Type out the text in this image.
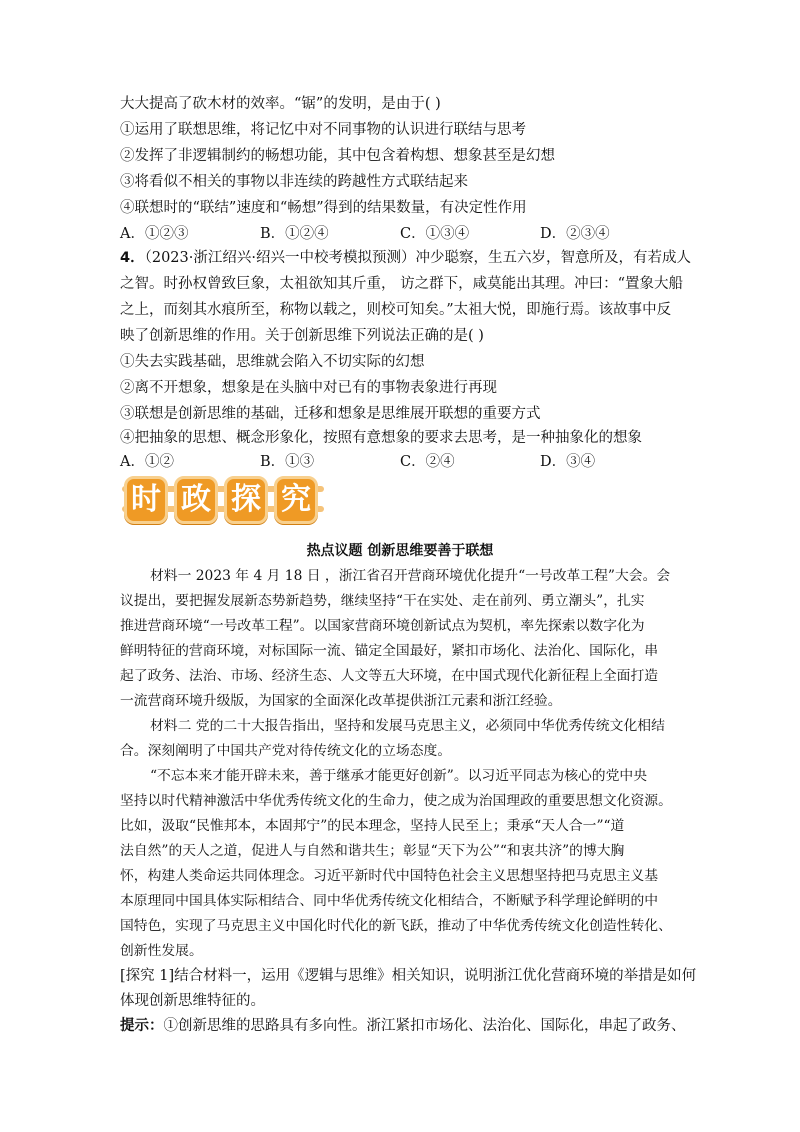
大大提高了砍木材的效率。“锯”的发明，是由于( )
①运用了联想思维，将记忆中对不同事物的认识进行联结与思考
②发挥了非逻辑制约的畅想功能，其中包含着构想、想象甚至是幻想
③将看似不相关的事物以非连续的跨越性方式联结起来
④联想时的“联结”速度和“畅想”得到的结果数量，有决定性作用
A．①②③	B．①②④	C．①③④	D．②③④
4．（2023·浙江绍兴·绍兴一中校考模拟预测）冲少聪察，生五六岁，智意所及，有若成人
之智。时孙权曾致巨象，太祖欲知其斤重， 访之群下，咸莫能出其理。冲曰：“置象大船
之上，而刻其水痕所至，称物以载之，则校可知矣。”太祖大悦，即施行焉。该故事中反
映了创新思维的作用。关于创新思维下列说法正确的是( )
①失去实践基础，思维就会陷入不切实际的幻想
②离不开想象，想象是在头脑中对已有的事物表象进行再现
③联想是创新思维的基础，迁移和想象是思维展开联想的重要方式
④把抽象的思想、概念形象化，按照有意想象的要求去思考，是一种抽象化的想象
A．①②	B．①③	C．②④	D．③④
时 政 探 究
热点议题 创新思维要善于联想
材料一 2023 年 4 月 18 日 ，浙江省召开营商环境优化提升“一号改革工程”大会。会
议提出，要把握发展新态势新趋势，继续坚持“干在实处、走在前列、勇立潮头”，扎实
推进营商环境“一号改革工程”。以国家营商环境创新试点为契机，率先探索以数字化为
鲜明特征的营商环境，对标国际一流、锚定全国最好，紧扣市场化、法治化、国际化，串
起了政务、法治、市场、经济生态、人文等五大环境，在中国式现代化新征程上全面打造
一流营商环境升级版，为国家的全面深化改革提供浙江元素和浙江经验。
材料二 党的二十大报告指出，坚持和发展马克思主义，必须同中华优秀传统文化相结
合。深刻阐明了中国共产党对待传统文化的立场态度。
“不忘本来才能开辟未来，善于继承才能更好创新”。以习近平同志为核心的党中央
坚持以时代精神激活中华优秀传统文化的生命力，使之成为治国理政的重要思想文化资源。
比如，汲取“民惟邦本，本固邦宁”的民本理念，坚持人民至上；秉承“天人合一”“道
法自然”的天人之道，促进人与自然和谐共生；彰显“天下为公”“和衷共济”的博大胸
怀，构建人类命运共同体理念。习近平新时代中国特色社会主义思想坚持把马克思主义基
本原理同中国具体实际相结合、同中华优秀传统文化相结合，不断赋予科学理论鲜明的中
国特色，实现了马克思主义中国化时代化的新飞跃，推动了中华优秀传统文化创造性转化、
创新性发展。
[探究 1]结合材料一，运用《逻辑与思维》相关知识，说明浙江优化营商环境的举措是如何
体现创新思维特征的。
提示：①创新思维的思路具有多向性。浙江紧扣市场化、法治化、国际化，串起了政务、
